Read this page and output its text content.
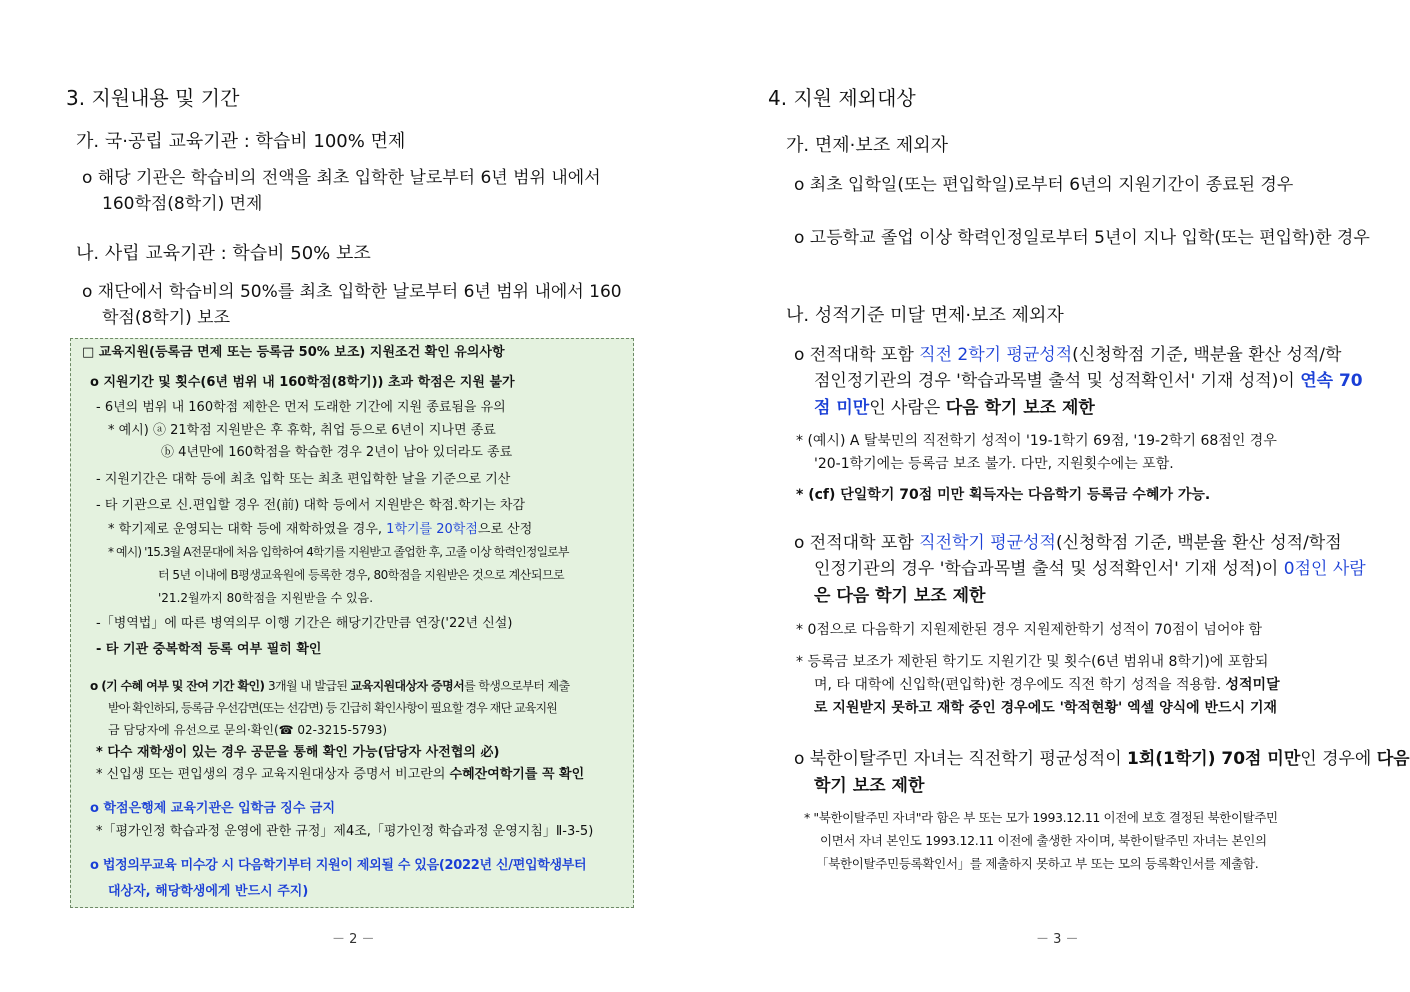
3. 지원내용 및 기간
가. 국·공립 교육기관 : 학습비 100% 면제
o 해당 기관은 학습비의 전액을 최초 입학한 날로부터 6년 범위 내에서
160학점(8학기) 면제
나. 사립 교육기관 : 학습비 50% 보조
o 재단에서 학습비의 50%를 최초 입학한 날로부터 6년 범위 내에서 160
학점(8학기) 보조
□ 교육지원(등록금 면제 또는 등록금 50% 보조) 지원조건 확인 유의사항
o 지원기간 및 횟수(6년 범위 내 160학점(8학기)) 초과 학점은 지원 불가
- 6년의 범위 내 160학점 제한은 먼저 도래한 기간에 지원 종료됨을 유의
* 예시) ⓐ 21학점 지원받은 후 휴학, 취업 등으로 6년이 지나면 종료
ⓑ 4년만에 160학점을 학습한 경우 2년이 남아 있더라도 종료
- 지원기간은 대학 등에 최초 입학 또는 최초 편입학한 날을 기준으로 기산
- 타 기관으로 신.편입할 경우 전(前) 대학 등에서 지원받은 학점.학기는 차감
* 학기제로 운영되는 대학 등에 재학하였을 경우, 1학기를 20학점으로 산정
* 예시) '15.3월 A전문대에 처음 입학하여 4학기를 지원받고 졸업한 후, 고졸 이상 학력인정일로부
터 5년 이내에 B평생교육원에 등록한 경우, 80학점을 지원받은 것으로 계산되므로
'21.2월까지 80학점을 지원받을 수 있음.
-「병역법」에 따른 병역의무 이행 기간은 해당기간만큼 연장('22년 신설)
- 타 기관 중복학적 등록 여부 필히 확인
o (기 수혜 여부 및 잔여 기간 확인) 3개월 내 발급된 교육지원대상자 증명서를 학생으로부터 제출
받아 확인하되, 등록금 우선감면(또는 선감면) 등 긴급히 확인사항이 필요할 경우 재단 교육지원
금 담당자에 유선으로 문의·확인(☎ 02-3215-5793)
* 다수 재학생이 있는 경우 공문을 통해 확인 가능(담당자 사전협의 必)
* 신입생 또는 편입생의 경우 교육지원대상자 증명서 비고란의 수혜잔여학기를 꼭 확인
o 학점은행제 교육기관은 입학금 징수 금지
*「평가인정 학습과정 운영에 관한 규정」제4조,「평가인정 학습과정 운영지침」Ⅱ-3-5)
o 법정의무교육 미수강 시 다음학기부터 지원이 제외될 수 있음(2022년 신/편입학생부터
대상자, 해당학생에게 반드시 주지)
－ 2 －
4. 지원 제외대상
가. 면제·보조 제외자
o 최초 입학일(또는 편입학일)로부터 6년의 지원기간이 종료된 경우
o 고등학교 졸업 이상 학력인정일로부터 5년이 지나 입학(또는 편입학)한 경우
나. 성적기준 미달 면제·보조 제외자
o 전적대학 포함 직전 2학기 평균성적(신청학점 기준, 백분율 환산 성적/학
점인정기관의 경우 '학습과목별 출석 및 성적확인서' 기재 성적)이 연속 70
점 미만인 사람은 다음 학기 보조 제한
* (예시) A 탈북민의 직전학기 성적이 '19-1학기 69점, '19-2학기 68점인 경우
'20-1학기에는 등록금 보조 불가. 다만, 지원횟수에는 포함.
* (cf) 단일학기 70점 미만 획득자는 다음학기 등록금 수혜가 가능.
o 전적대학 포함 직전학기 평균성적(신청학점 기준, 백분율 환산 성적/학점
인정기관의 경우 '학습과목별 출석 및 성적확인서' 기재 성적)이 0점인 사람
은 다음 학기 보조 제한
* 0점으로 다음학기 지원제한된 경우 지원제한학기 성적이 70점이 넘어야 함
* 등록금 보조가 제한된 학기도 지원기간 및 횟수(6년 범위내 8학기)에 포함되
며, 타 대학에 신입학(편입학)한 경우에도 직전 학기 성적을 적용함. 성적미달
로 지원받지 못하고 재학 중인 경우에도 '학적현황' 엑셀 양식에 반드시 기재
o 북한이탈주민 자녀는 직전학기 평균성적이 1회(1학기) 70점 미만인 경우에 다음
학기 보조 제한
* "북한이탈주민 자녀"라 함은 부 또는 모가 1993.12.11 이전에 보호 결정된 북한이탈주민
이면서 자녀 본인도 1993.12.11 이전에 출생한 자이며, 북한이탈주민 자녀는 본인의
「북한이탈주민등록확인서」를 제출하지 못하고 부 또는 모의 등록확인서를 제출함.
－ 3 －
